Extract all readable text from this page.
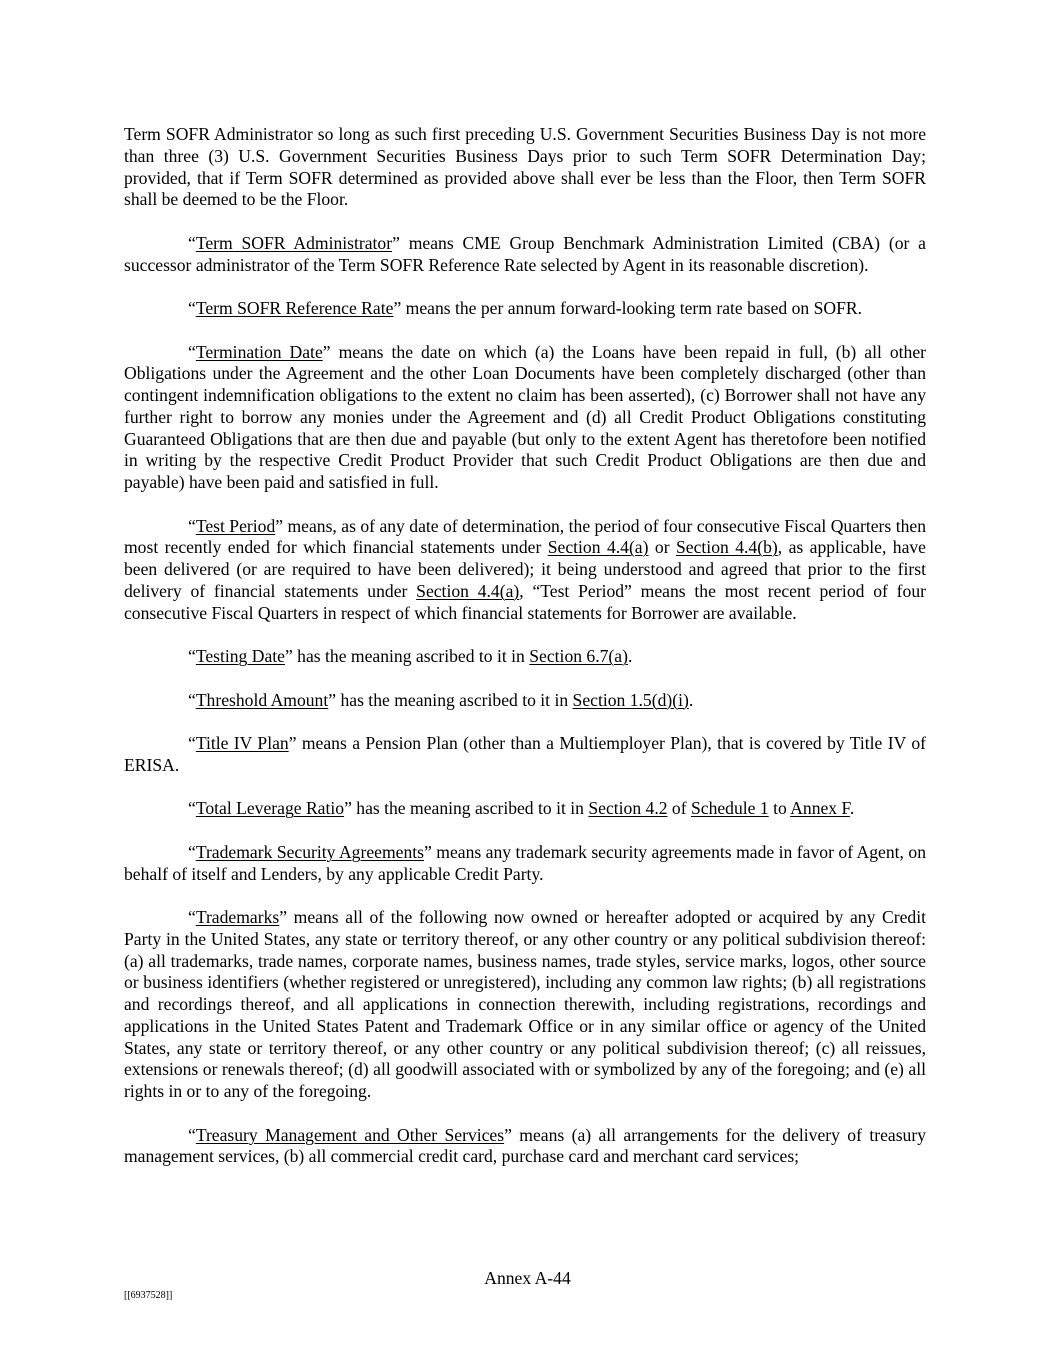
Term SOFR Administrator so long as such first preceding U.S. Government Securities Business Day is not more than three (3) U.S. Government Securities Business Days prior to such Term SOFR Determination Day; provided, that if Term SOFR determined as provided above shall ever be less than the Floor, then Term SOFR shall be deemed to be the Floor.

“Term SOFR Administrator” means CME Group Benchmark Administration Limited (CBA) (or a successor administrator of the Term SOFR Reference Rate selected by Agent in its reasonable discretion).

“Term SOFR Reference Rate” means the per annum forward-looking term rate based on SOFR.

“Termination Date” means the date on which (a) the Loans have been repaid in full, (b) all other Obligations under the Agreement and the other Loan Documents have been completely discharged (other than contingent indemnification obligations to the extent no claim has been asserted), (c) Borrower shall not have any further right to borrow any monies under the Agreement and (d) all Credit Product Obligations constituting Guaranteed Obligations that are then due and payable (but only to the extent Agent has theretofore been notified in writing by the respective Credit Product Provider that such Credit Product Obligations are then due and payable) have been paid and satisfied in full.

“Test Period” means, as of any date of determination, the period of four consecutive Fiscal Quarters then most recently ended for which financial statements under Section 4.4(a) or Section 4.4(b), as applicable, have been delivered (or are required to have been delivered); it being understood and agreed that prior to the first delivery of financial statements under Section 4.4(a), “Test Period” means the most recent period of four consecutive Fiscal Quarters in respect of which financial statements for Borrower are available.

“Testing Date” has the meaning ascribed to it in Section 6.7(a).

“Threshold Amount” has the meaning ascribed to it in Section 1.5(d)(i).

“Title IV Plan” means a Pension Plan (other than a Multiemployer Plan), that is covered by Title IV of ERISA.

“Total Leverage Ratio” has the meaning ascribed to it in Section 4.2 of Schedule 1 to Annex F.

“Trademark Security Agreements” means any trademark security agreements made in favor of Agent, on behalf of itself and Lenders, by any applicable Credit Party.

“Trademarks” means all of the following now owned or hereafter adopted or acquired by any Credit Party in the United States, any state or territory thereof, or any other country or any political subdivision thereof: (a) all trademarks, trade names, corporate names, business names, trade styles, service marks, logos, other source or business identifiers (whether registered or unregistered), including any common law rights; (b) all registrations and recordings thereof, and all applications in connection therewith, including registrations, recordings and applications in the United States Patent and Trademark Office or in any similar office or agency of the United States, any state or territory thereof, or any other country or any political subdivision thereof; (c) all reissues, extensions or renewals thereof; (d) all goodwill associated with or symbolized by any of the foregoing; and (e) all rights in or to any of the foregoing.

“Treasury Management and Other Services” means (a) all arrangements for the delivery of treasury management services, (b) all commercial credit card, purchase card and merchant card services;

Annex A-44
[[6937528]]
